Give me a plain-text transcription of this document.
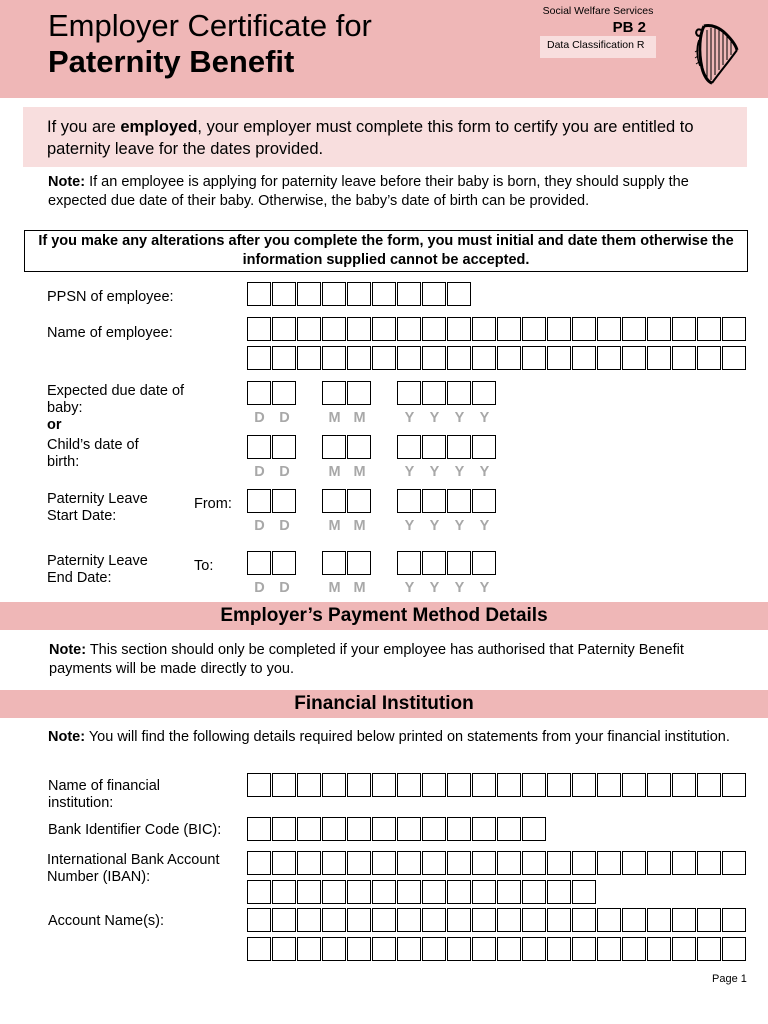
Employer Certificate for
Paternity Benefit
Social Welfare Services
PB 2
Data Classification R
If you are employed, your employer must complete this form to certify you are entitled to paternity leave for the dates provided.
Note: If an employee is applying for paternity leave before their baby is born, they should supply the expected due date of their baby. Otherwise, the baby’s date of birth can be provided.
If you make any alterations after you complete the form, you must initial and date them otherwise the information supplied cannot be accepted.
PPSN of employee:
Name of employee:
Expected due date of baby:
or	D D	M M	Y Y Y Y
Child’s date of birth:
D D	M M	Y Y Y Y
Paternity Leave Start Date:
From:
D D	M M	Y Y Y Y
Paternity Leave End Date:
To:
D D	M M	Y Y Y Y
Employer’s Payment Method Details
Note: This section should only be completed if your employee has authorised that Paternity Benefit payments will be made directly to you.
Financial Institution
Note: You will find the following details required below printed on statements from your financial institution.
Name of financial institution:
Bank Identifier Code (BIC):
International Bank Account Number (IBAN):
Account Name(s):
Page 1
